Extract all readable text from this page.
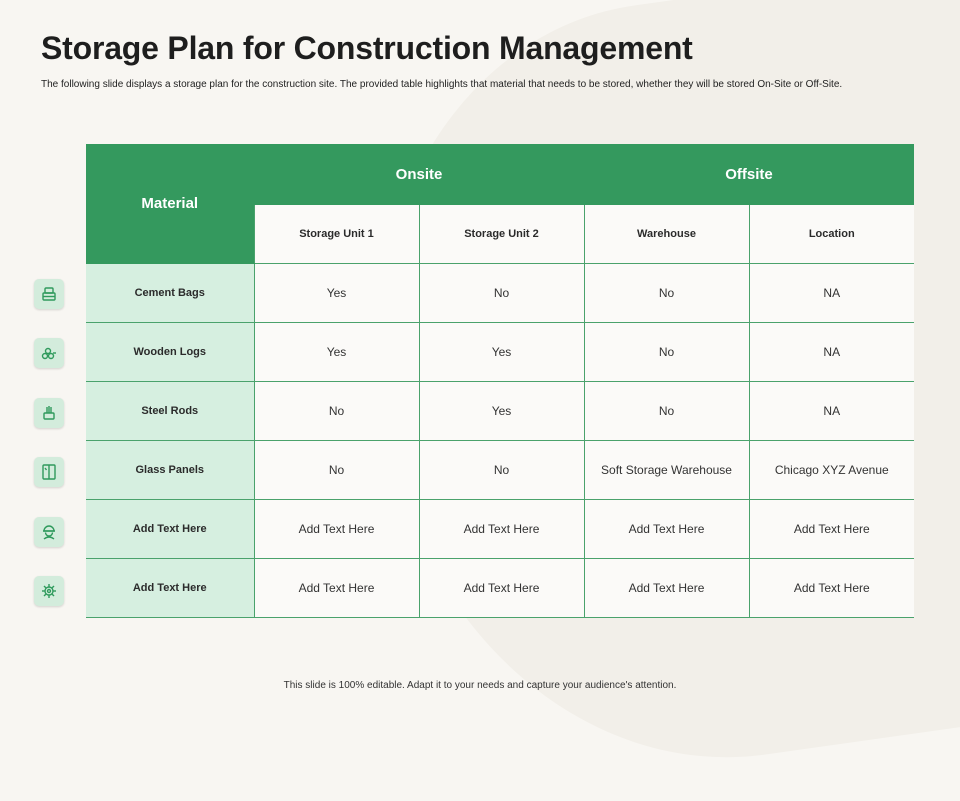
Storage Plan for Construction Management

The following slide displays a storage plan for the construction site. The provided table highlights that material that needs to be stored, whether they will be stored On-Site or Off-Site.

Material	Onsite		Offsite	
	Storage Unit 1	Storage Unit 2	Warehouse	Location
Cement Bags	Yes	No	No	NA
Wooden Logs	Yes	Yes	No	NA
Steel Rods	No	Yes	No	NA
Glass Panels	No	No	Soft Storage Warehouse	Chicago XYZ Avenue
Add Text Here	Add Text Here	Add Text Here	Add Text Here	Add Text Here
Add Text Here	Add Text Here	Add Text Here	Add Text Here	Add Text Here
This slide is 100% editable. Adapt it to your needs and capture your audience's attention.
